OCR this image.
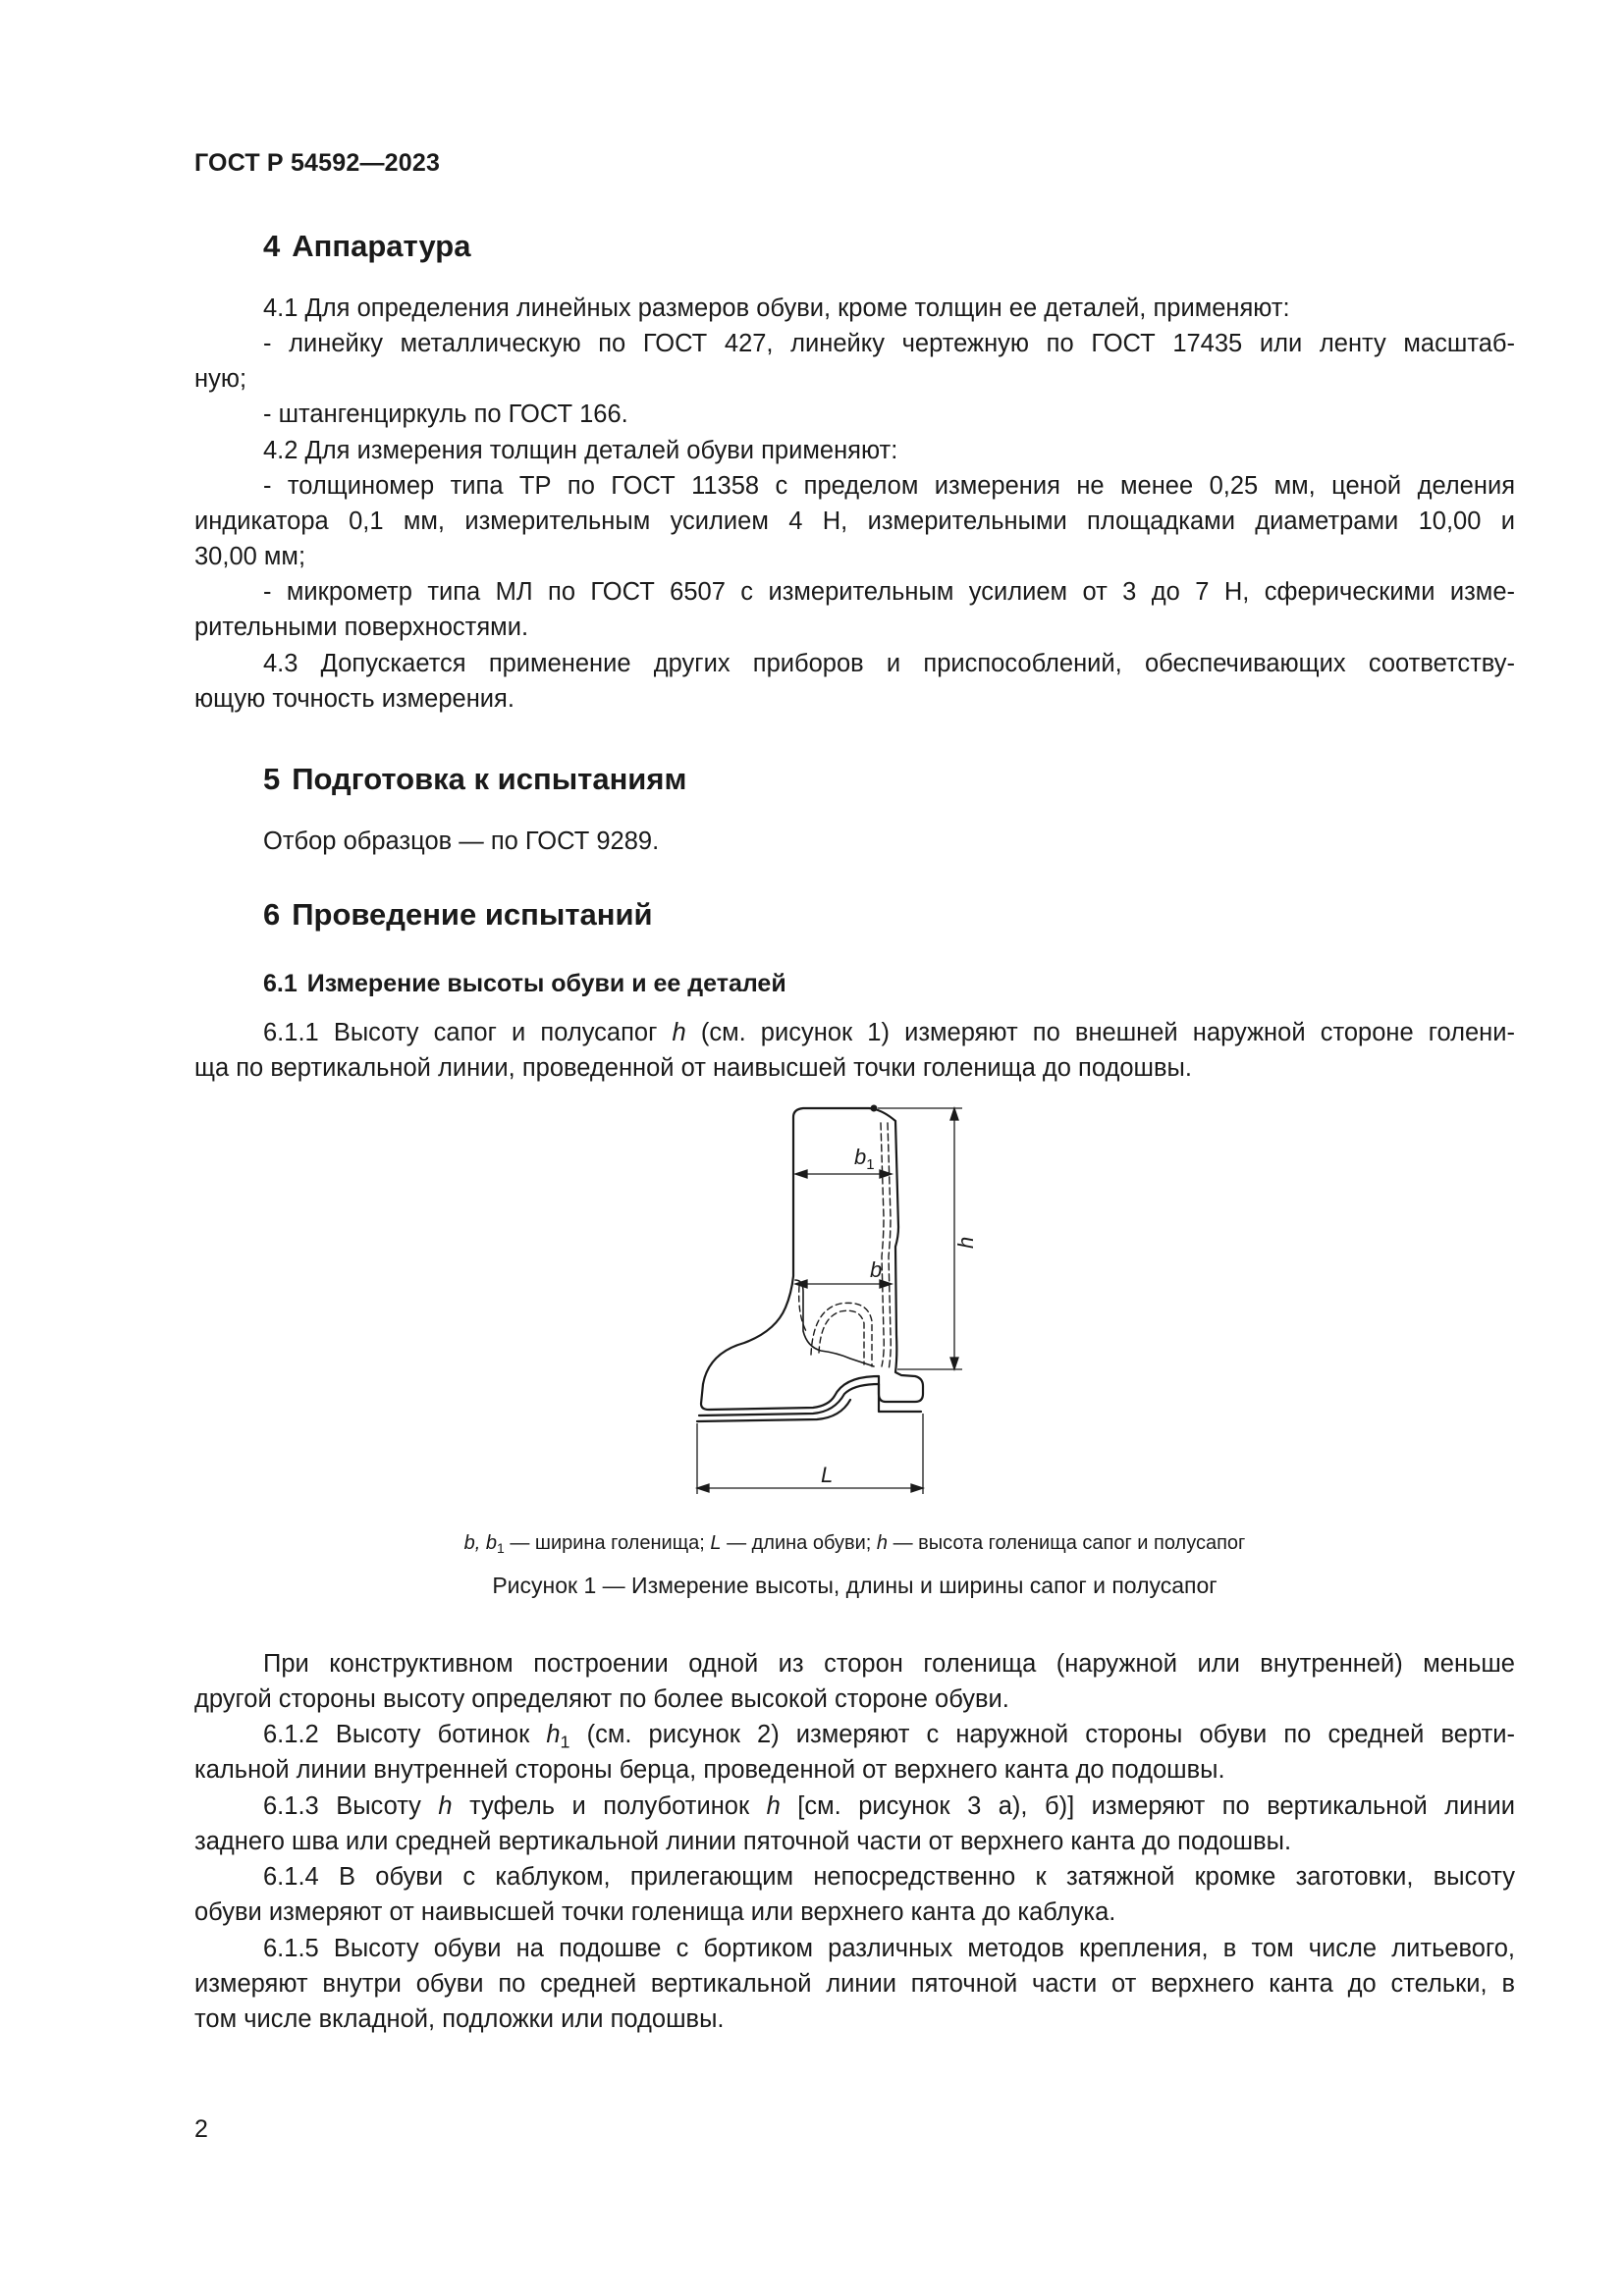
ГОСТ Р 54592—2023
4 Аппаратура
4.1 Для определения линейных размеров обуви, кроме толщин ее деталей, применяют:
- линейку металлическую по ГОСТ 427, линейку чертежную по ГОСТ 17435 или ленту масштаб-
ную;
- штангенциркуль по ГОСТ 166.
4.2 Для измерения толщин деталей обуви применяют:
- толщиномер типа ТР по ГОСТ 11358 с пределом измерения не менее 0,25 мм, ценой деления
индикатора 0,1 мм, измерительным усилием 4 Н, измерительными площадками диаметрами 10,00 и
30,00 мм;
- микрометр типа МЛ по ГОСТ 6507 с измерительным усилием от 3 до 7 Н, сферическими изме-
рительными поверхностями.
4.3 Допускается применение других приборов и приспособлений, обеспечивающих соответству-
ющую точность измерения.
5 Подготовка к испытаниям
Отбор образцов — по ГОСТ 9289.
6 Проведение испытаний
6.1 Измерение высоты обуви и ее деталей
6.1.1 Высоту сапог и полусапог h (см. рисунок 1) измеряют по внешней наружной стороне голени-
ща по вертикальной линии, проведенной от наивысшей точки голенища до подошвы.
$b_1$
b
h
L
b, $b_1$ — ширина голенища; L — длина обуви; h — высота голенища сапог и полусапог
Рисунок 1 — Измерение высоты, длины и ширины сапог и полусапог
При конструктивном построении одной из сторон голенища (наружной или внутренней) меньше
другой стороны высоту определяют по более высокой стороне обуви.
6.1.2 Высоту ботинок $h_1$ (см. рисунок 2) измеряют с наружной стороны обуви по средней верти-
кальной линии внутренней стороны берца, проведенной от верхнего канта до подошвы.
6.1.3 Высоту h туфель и полуботинок h [см. рисунок 3 а), б)] измеряют по вертикальной линии
заднего шва или средней вертикальной линии пяточной части от верхнего канта до подошвы.
6.1.4 В обуви с каблуком, прилегающим непосредственно к затяжной кромке заготовки, высоту
обуви измеряют от наивысшей точки голенища или верхнего канта до каблука.
6.1.5 Высоту обуви на подошве с бортиком различных методов крепления, в том числе литьевого,
измеряют внутри обуви по средней вертикальной линии пяточной части от верхнего канта до стельки, в
том числе вкладной, подложки или подошвы.
2
